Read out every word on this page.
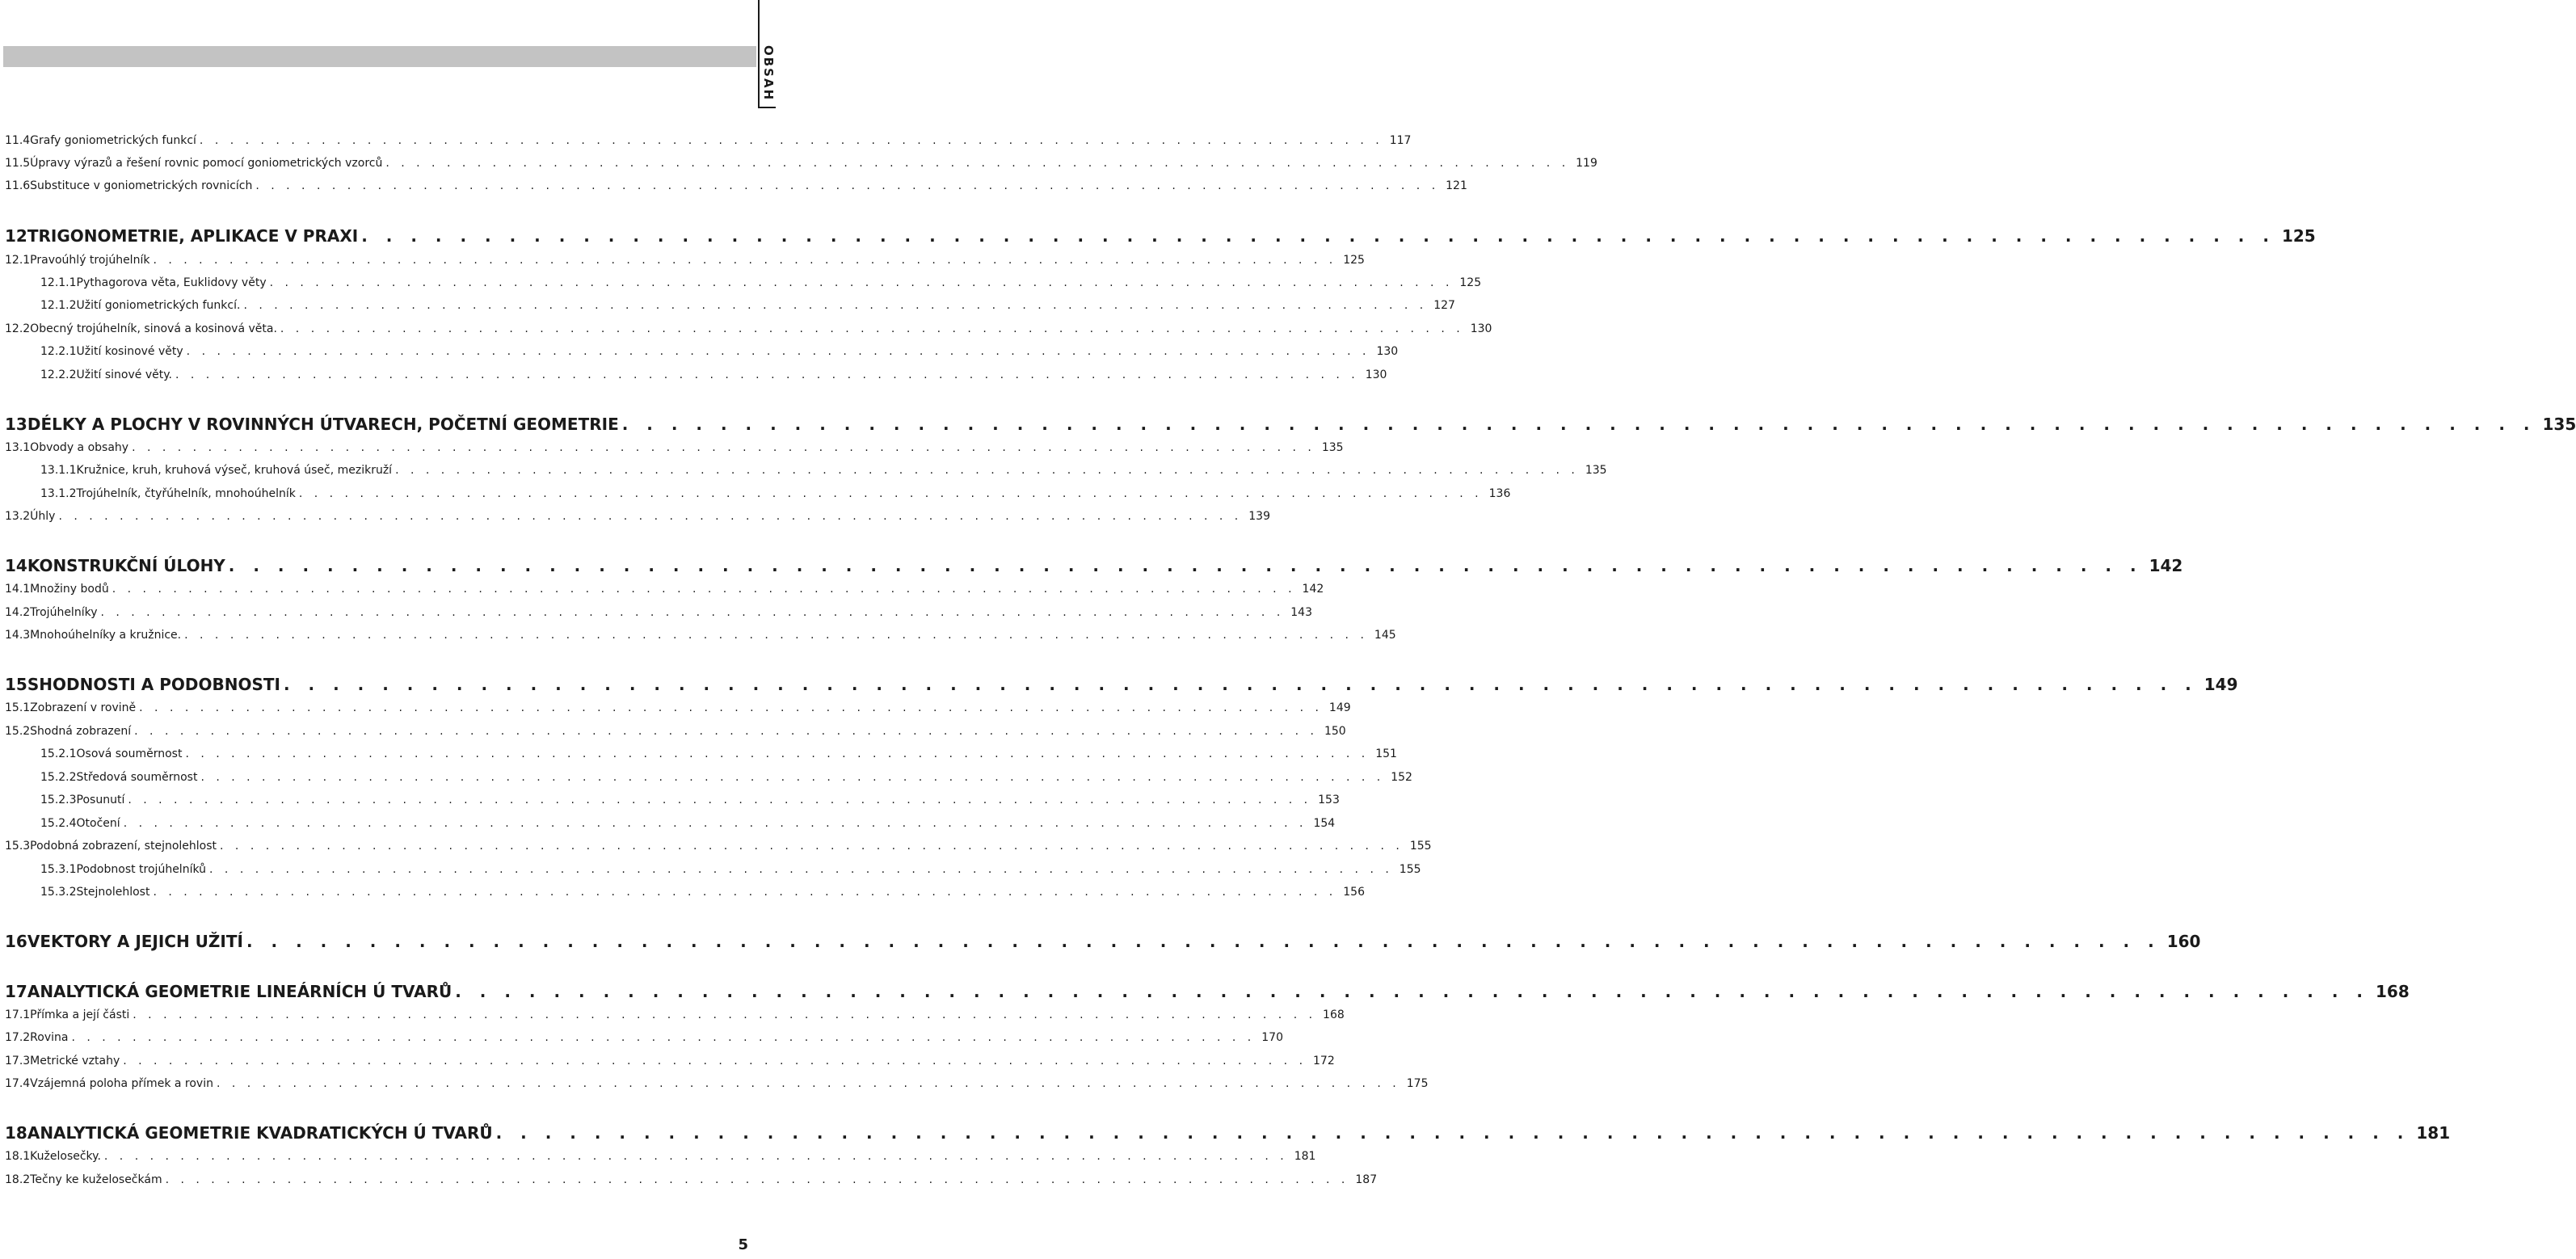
OBSAH
11.4 Grafy goniometrických funkcí . . . . . . . . . . . . . . . . . . . . . . . . . . . . . . . . . . . . . . . . . . . . . . . . . . . . . . . . . . . . . . . . . . . . . . . . . . . . . . 117
11.5 Úpravy výrazů a řešení rovnic pomocí goniometrických vzorců . . . . . . . . . . . . . . . . . . . . . . . . . . . . . . . . . . . . . . . . . . . . . . . . . . . . . . . . . . . . . . . . . . . . . . . . . . . . . . 119
11.6 Substituce v goniometrických rovnicích . . . . . . . . . . . . . . . . . . . . . . . . . . . . . . . . . . . . . . . . . . . . . . . . . . . . . . . . . . . . . . . . . . . . . . . . . . . . . . 121
12 TRIGONOMETRIE, APLIKACE V PRAXI . . . . . . . . . . . . . . . . . . . . . . . . . . . . . . . . . . . . . . . . . . . . . . . . . . . . . . . . . . . . . . . . . . . . . . . . . . . . . . 125
12.1 Pravoúhlý trojúhelník . . . . . . . . . . . . . . . . . . . . . . . . . . . . . . . . . . . . . . . . . . . . . . . . . . . . . . . . . . . . . . . . . . . . . . . . . . . . . . 125
12.1.1 Pythagorova věta, Euklidovy věty . . . . . . . . . . . . . . . . . . . . . . . . . . . . . . . . . . . . . . . . . . . . . . . . . . . . . . . . . . . . . . . . . . . . . . . . . . . . . . 125
12.1.2 Užití goniometrických funkcí. . . . . . . . . . . . . . . . . . . . . . . . . . . . . . . . . . . . . . . . . . . . . . . . . . . . . . . . . . . . . . . . . . . . . . . . . . . . . . . 127
12.2 Obecný trojúhelník, sinová a kosinová věta. . . . . . . . . . . . . . . . . . . . . . . . . . . . . . . . . . . . . . . . . . . . . . . . . . . . . . . . . . . . . . . . . . . . . . . . . . . . . . . 130
12.2.1 Užití kosinové věty . . . . . . . . . . . . . . . . . . . . . . . . . . . . . . . . . . . . . . . . . . . . . . . . . . . . . . . . . . . . . . . . . . . . . . . . . . . . . . 130
12.2.2 Užití sinové věty. . . . . . . . . . . . . . . . . . . . . . . . . . . . . . . . . . . . . . . . . . . . . . . . . . . . . . . . . . . . . . . . . . . . . . . . . . . . . . . 130
13 DÉLKY A PLOCHY V ROVINNÝCH ÚTVARECH, POČETNÍ GEOMETRIE . . . . . . . . . . . . . . . . . . . . . . . . . . . . . . . . . . . . . . . . . . . . . . . . . . . . . . . . . . . . . . . . . . . . . . . . . . . . . . 135
13.1 Obvody a obsahy . . . . . . . . . . . . . . . . . . . . . . . . . . . . . . . . . . . . . . . . . . . . . . . . . . . . . . . . . . . . . . . . . . . . . . . . . . . . . . 135
13.1.1 Kružnice, kruh, kruhová výseč, kruhová úseč, mezikruží . . . . . . . . . . . . . . . . . . . . . . . . . . . . . . . . . . . . . . . . . . . . . . . . . . . . . . . . . . . . . . . . . . . . . . . . . . . . . . 135
13.1.2 Trojúhelník, čtyřúhelník, mnohoúhelník . . . . . . . . . . . . . . . . . . . . . . . . . . . . . . . . . . . . . . . . . . . . . . . . . . . . . . . . . . . . . . . . . . . . . . . . . . . . . . 136
13.2 Úhly . . . . . . . . . . . . . . . . . . . . . . . . . . . . . . . . . . . . . . . . . . . . . . . . . . . . . . . . . . . . . . . . . . . . . . . . . . . . . . 139
14 KONSTRUKČNÍ ÚLOHY . . . . . . . . . . . . . . . . . . . . . . . . . . . . . . . . . . . . . . . . . . . . . . . . . . . . . . . . . . . . . . . . . . . . . . . . . . . . . . 142
14.1 Množiny bodů . . . . . . . . . . . . . . . . . . . . . . . . . . . . . . . . . . . . . . . . . . . . . . . . . . . . . . . . . . . . . . . . . . . . . . . . . . . . . . 142
14.2 Trojúhelníky . . . . . . . . . . . . . . . . . . . . . . . . . . . . . . . . . . . . . . . . . . . . . . . . . . . . . . . . . . . . . . . . . . . . . . . . . . . . . . 143
14.3 Mnohoúhelníky a kružnice. . . . . . . . . . . . . . . . . . . . . . . . . . . . . . . . . . . . . . . . . . . . . . . . . . . . . . . . . . . . . . . . . . . . . . . . . . . . . . . 145
15 SHODNOSTI A PODOBNOSTI . . . . . . . . . . . . . . . . . . . . . . . . . . . . . . . . . . . . . . . . . . . . . . . . . . . . . . . . . . . . . . . . . . . . . . . . . . . . . . 149
15.1 Zobrazení v rovině . . . . . . . . . . . . . . . . . . . . . . . . . . . . . . . . . . . . . . . . . . . . . . . . . . . . . . . . . . . . . . . . . . . . . . . . . . . . . . 149
15.2 Shodná zobrazení . . . . . . . . . . . . . . . . . . . . . . . . . . . . . . . . . . . . . . . . . . . . . . . . . . . . . . . . . . . . . . . . . . . . . . . . . . . . . . 150
15.2.1 Osová souměrnost . . . . . . . . . . . . . . . . . . . . . . . . . . . . . . . . . . . . . . . . . . . . . . . . . . . . . . . . . . . . . . . . . . . . . . . . . . . . . . 151
15.2.2 Středová souměrnost . . . . . . . . . . . . . . . . . . . . . . . . . . . . . . . . . . . . . . . . . . . . . . . . . . . . . . . . . . . . . . . . . . . . . . . . . . . . . . 152
15.2.3 Posunutí . . . . . . . . . . . . . . . . . . . . . . . . . . . . . . . . . . . . . . . . . . . . . . . . . . . . . . . . . . . . . . . . . . . . . . . . . . . . . . 153
15.2.4 Otočení . . . . . . . . . . . . . . . . . . . . . . . . . . . . . . . . . . . . . . . . . . . . . . . . . . . . . . . . . . . . . . . . . . . . . . . . . . . . . . 154
15.3 Podobná zobrazení, stejnolehlost . . . . . . . . . . . . . . . . . . . . . . . . . . . . . . . . . . . . . . . . . . . . . . . . . . . . . . . . . . . . . . . . . . . . . . . . . . . . . . 155
15.3.1 Podobnost trojúhelníků . . . . . . . . . . . . . . . . . . . . . . . . . . . . . . . . . . . . . . . . . . . . . . . . . . . . . . . . . . . . . . . . . . . . . . . . . . . . . . 155
15.3.2 Stejnolehlost . . . . . . . . . . . . . . . . . . . . . . . . . . . . . . . . . . . . . . . . . . . . . . . . . . . . . . . . . . . . . . . . . . . . . . . . . . . . . . 156
16 VEKTORY A JEJICH UŽITÍ . . . . . . . . . . . . . . . . . . . . . . . . . . . . . . . . . . . . . . . . . . . . . . . . . . . . . . . . . . . . . . . . . . . . . . . . . . . . . . 160
17 ANALYTICKÁ GEOMETRIE LINEÁRNÍCH Ú TVARŮ . . . . . . . . . . . . . . . . . . . . . . . . . . . . . . . . . . . . . . . . . . . . . . . . . . . . . . . . . . . . . . . . . . . . . . . . . . . . . . 168
17.1 Přímka a její části . . . . . . . . . . . . . . . . . . . . . . . . . . . . . . . . . . . . . . . . . . . . . . . . . . . . . . . . . . . . . . . . . . . . . . . . . . . . . . 168
17.2 Rovina . . . . . . . . . . . . . . . . . . . . . . . . . . . . . . . . . . . . . . . . . . . . . . . . . . . . . . . . . . . . . . . . . . . . . . . . . . . . . . 170
17.3 Metrické vztahy . . . . . . . . . . . . . . . . . . . . . . . . . . . . . . . . . . . . . . . . . . . . . . . . . . . . . . . . . . . . . . . . . . . . . . . . . . . . . . 172
17.4 Vzájemná poloha přímek a rovin . . . . . . . . . . . . . . . . . . . . . . . . . . . . . . . . . . . . . . . . . . . . . . . . . . . . . . . . . . . . . . . . . . . . . . . . . . . . . . 175
18 ANALYTICKÁ GEOMETRIE KVADRATICKÝCH Ú TVARŮ . . . . . . . . . . . . . . . . . . . . . . . . . . . . . . . . . . . . . . . . . . . . . . . . . . . . . . . . . . . . . . . . . . . . . . . . . . . . . . 181
18.1 Kuželosečky. . . . . . . . . . . . . . . . . . . . . . . . . . . . . . . . . . . . . . . . . . . . . . . . . . . . . . . . . . . . . . . . . . . . . . . . . . . . . . . 181
18.2 Tečny ke kuželosečkám . . . . . . . . . . . . . . . . . . . . . . . . . . . . . . . . . . . . . . . . . . . . . . . . . . . . . . . . . . . . . . . . . . . . . . . . . . . . . . 187
5
